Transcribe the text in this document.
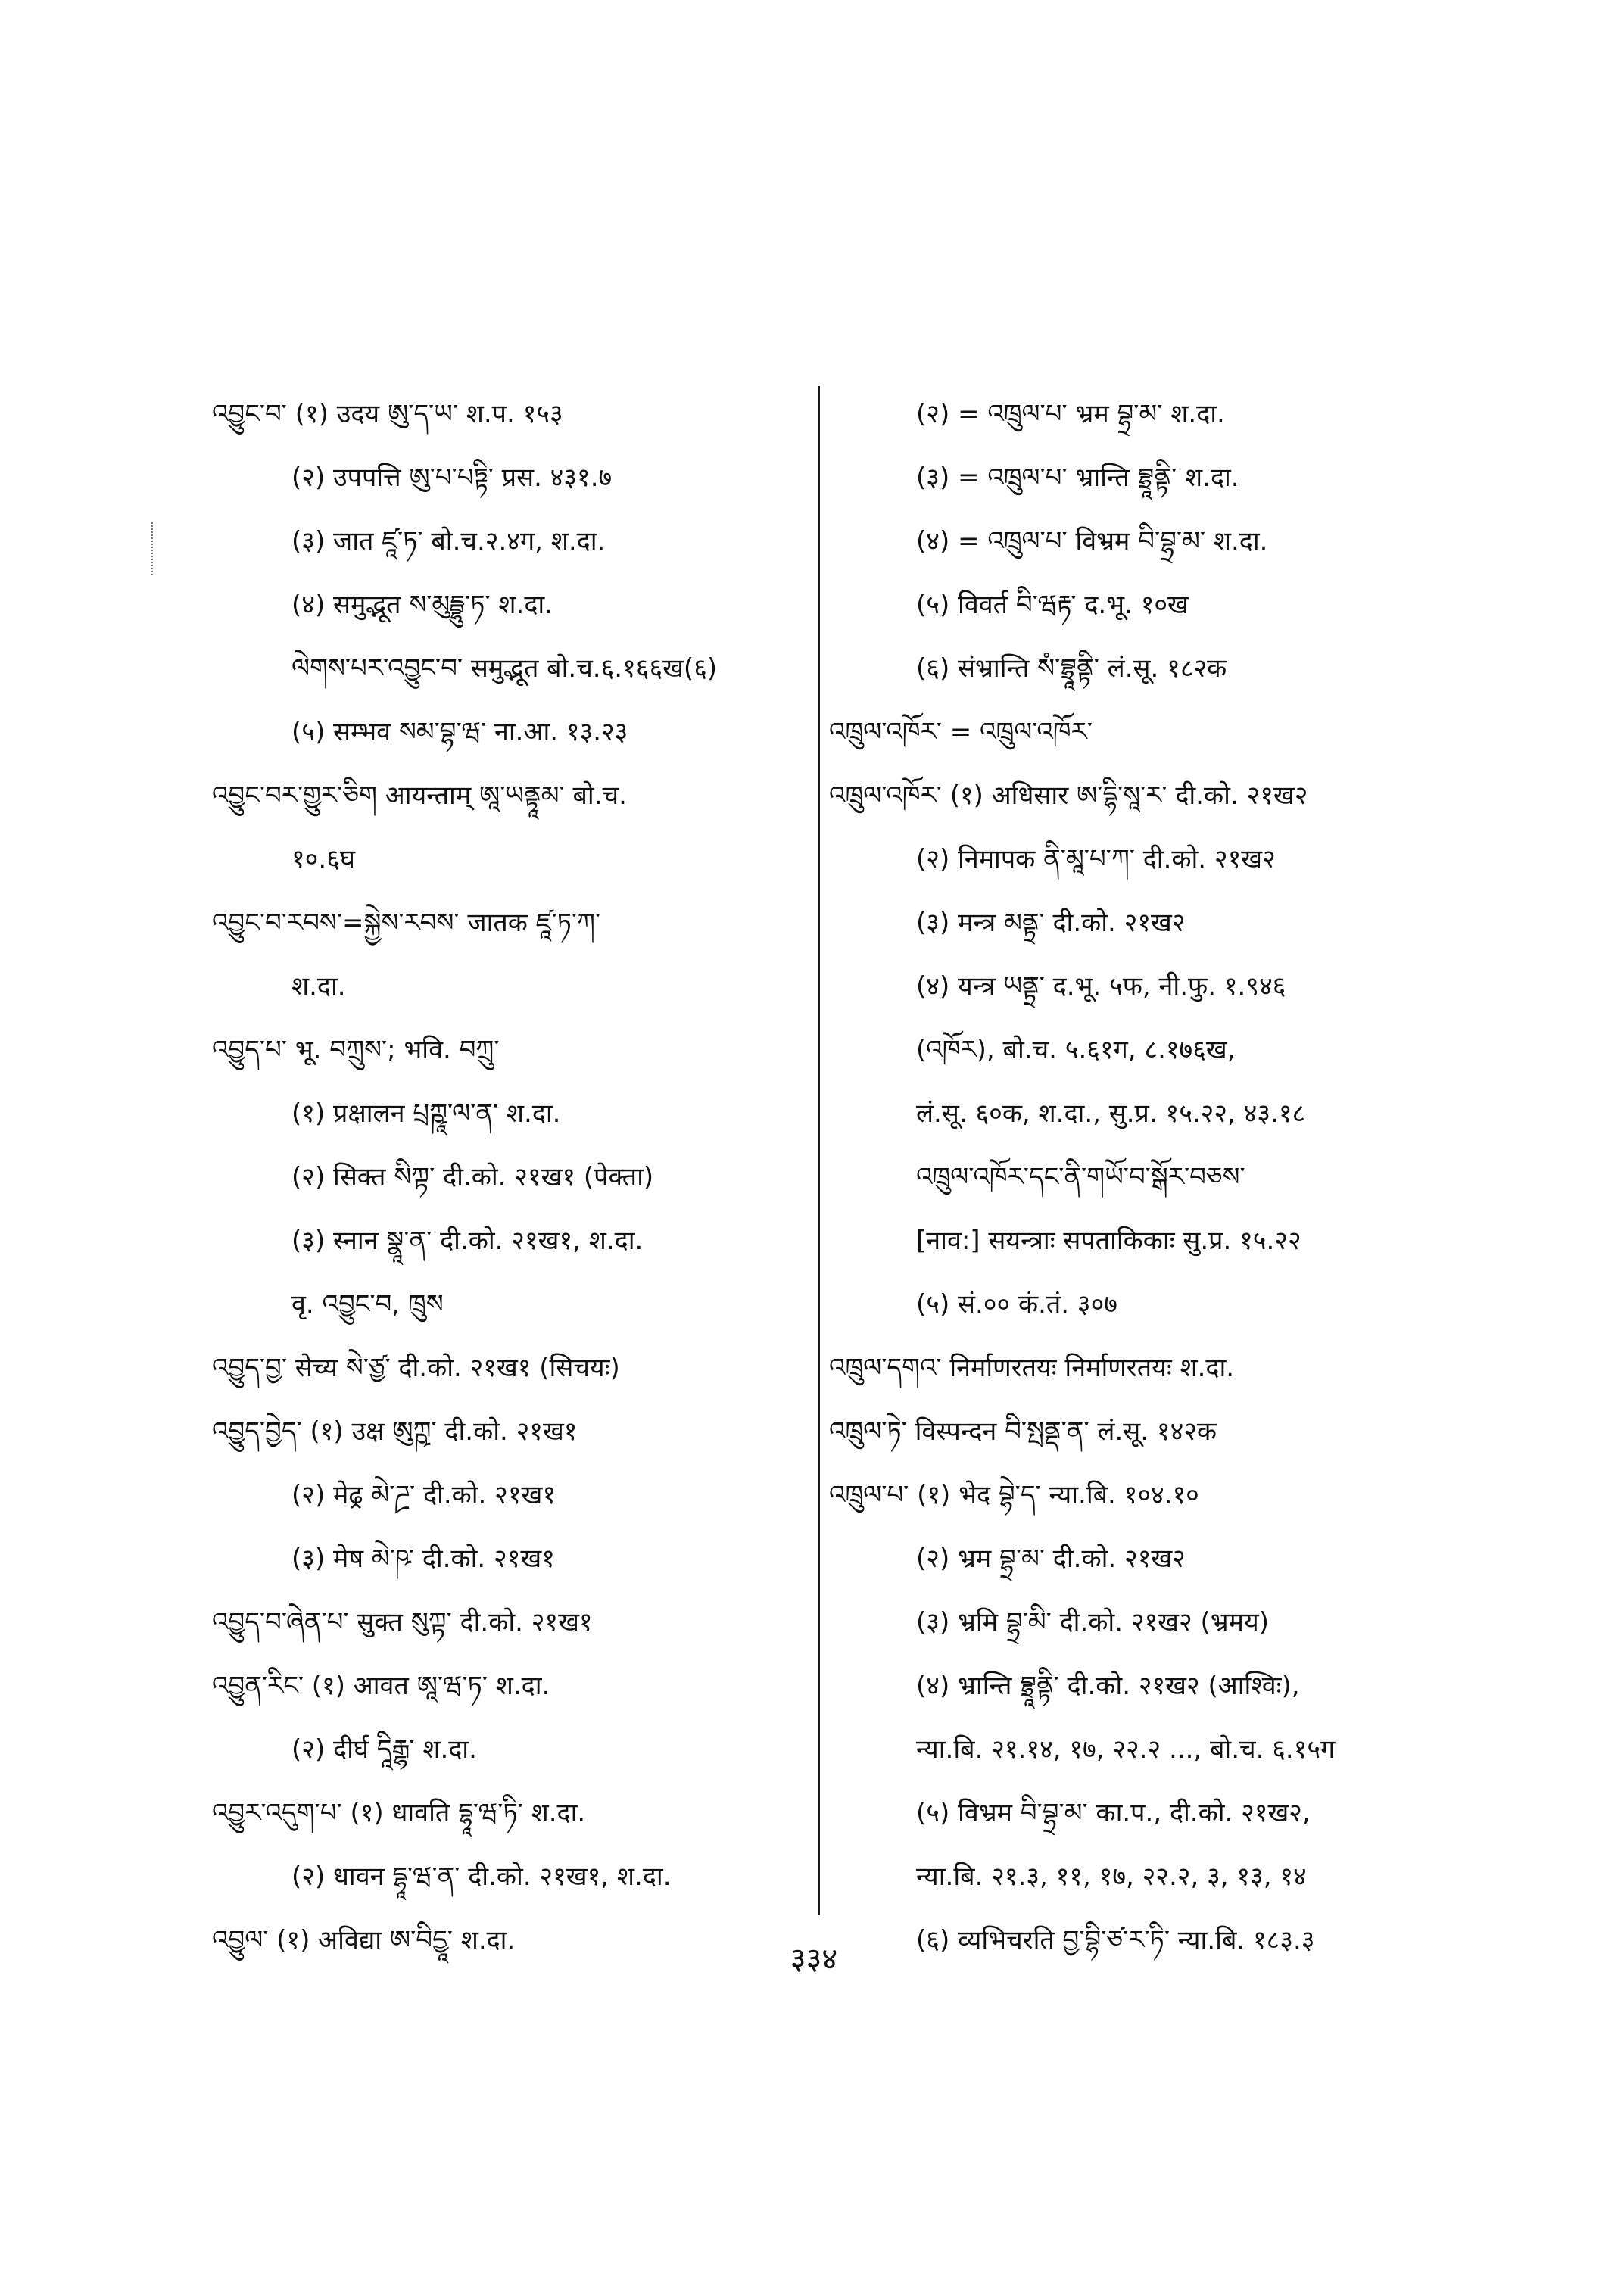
འབྱུང་བ་ (१) उदय ཨུ་ད་ཡ་ श.प. १५३
(२) उपपत्ति ཨུ་པ་པཏྟི་ प्रस. ४३१.७
(३) जात ཛཱ་ཏ་ बो.च.२.४ग, श.दा.
(४) समुद्भूत ས་མུདྦྷུ་ཏ་ श.दा.
ལེགས་པར་འབྱུང་བ་ समुद्भूत बो.च.६.१६६ख(६)
(५) सम्भव སམ་བྷ་ཝ་ ना.आ. १३.२३
འབྱུང་བར་གྱུར་ཅིག आयन्ताम् ཨཱ་ཡནྟཱམ་ बो.च.
१०.६घ
འབྱུང་བ་རབས་=སྐྱེས་རབས་ जातक ཛཱ་ཏ་ཀ་
श.दा.
འབྱུད་པ་ भू. བཀྲུས་; भवि. བཀྲུ་
(१) प्रक्षालन པྲཀྵཱ་ལ་ན་ श.दा.
(२) सिक्त སིཀྟ་ दी.को. २१ख१ (पेक्ता)
(३) स्नान སྣཱ་ན་ दी.को. २१ख१, श.दा.
वृ. འབྱུང་བ, ཁྲུས
འབྱུད་བྱ་ सेच्य སེ་ཙྱ་ दी.को. २१ख१ (सिचयः)
འབྱུད་བྱེད་ (१) उक्ष ཨུཀྵ་ दी.को. २१ख१
(२) मेढ्र མེ་ཌྲ་ दी.को. २१ख१
(३) मेष མེ་ཥ་ दी.को. २१ख१
འབྱུད་བ་ཞེན་པ་ सुक्त སུཀྟ་ दी.को. २१ख१
འབྱུན་རིང་ (१) आवत ཨཱ་ཝ་ཏ་ श.दा.
(२) दीर्घ དཱིརྒྷ་ श.दा.
འབྱུར་འདུག་པ་ (१) धावति དྷཱ་ཝ་ཏི་ श.दा.
(२) धावन དྷཱ་ཝ་ན་ दी.को. २१ख१, श.दा.
འབྱུལ་ (१) अविद्या ཨ་བིདྱཱ་ श.दा.
(२) = འཁྲུལ་པ་ भ्रम བྷྲ་མ་ श.दा.
(३) = འཁྲུལ་པ་ भ्रान्ति བྷྲཱནྟི་ श.दा.
(४) = འཁྲུལ་པ་ विभ्रम བི་བྷྲ་མ་ श.दा.
(५) विवर्त བི་ཝརྟ་ द.भू. १०ख
(६) संभ्रान्ति སཾ་བྷྲཱནྟི་ लं.सू. १८२क
འཁྲུལ་འཁོར་ = འཁྲུལ་འཁོར་
འཁྲུལ་འཁོར་ (१) अधिसार ཨ་དྷི་སཱ་ར་ दी.को. २१ख२
(२) निमापक ནི་མཱ་པ་ཀ་ दी.को. २१ख२
(३) मन्त्र མནྟྲ་ दी.को. २१ख२
(४) यन्त्र ཡནྟྲ་ द.भू. ५फ, नी.फु. १.९४६
(འཁོར), बो.च. ५.६१ग, ८.१७६ख,
लं.सू. ६०क, श.दा., सु.प्र. १५.२२, ४३.१८
འཁྲུལ་འཁོར་དང་ནི་གཡོ་བ་སྒོར་བཅས་
[नाव:] सयन्त्राः सपताकिकाः सु.प्र. १५.२२
(५) सं.०० कं.तं. ३०७
འཁྲུལ་དགའ་ निर्माणरतयः निर्माणरतयः श.दा.
འཁྲུལ་ཏེ་ विस्पन्दन བི་སྤནྡ་ན་ लं.सू. १४२क
འཁྲུལ་པ་ (१) भेद བྷེ་ད་ न्या.बि. १०४.१०
(२) भ्रम བྷྲ་མ་ दी.को. २१ख२
(३) भ्रमि བྷྲ་མི་ दी.को. २१ख२ (भ्रमय)
(४) भ्रान्ति བྷྲཱནྟི་ दी.को. २१ख२ (आश्विः),
न्या.बि. २१.१४, १७, २२.२ ..., बो.च. ६.१५ग
(५) विभ्रम བི་བྷྲ་མ་ का.प., दी.को. २१ख२,
न्या.बि. २१.३, ११, १७, २२.२, ३, १३, १४
(६) व्यभिचरति བྱ་བྷི་ཙ་ར་ཏི་ न्या.बि. १८३.३
३३४
